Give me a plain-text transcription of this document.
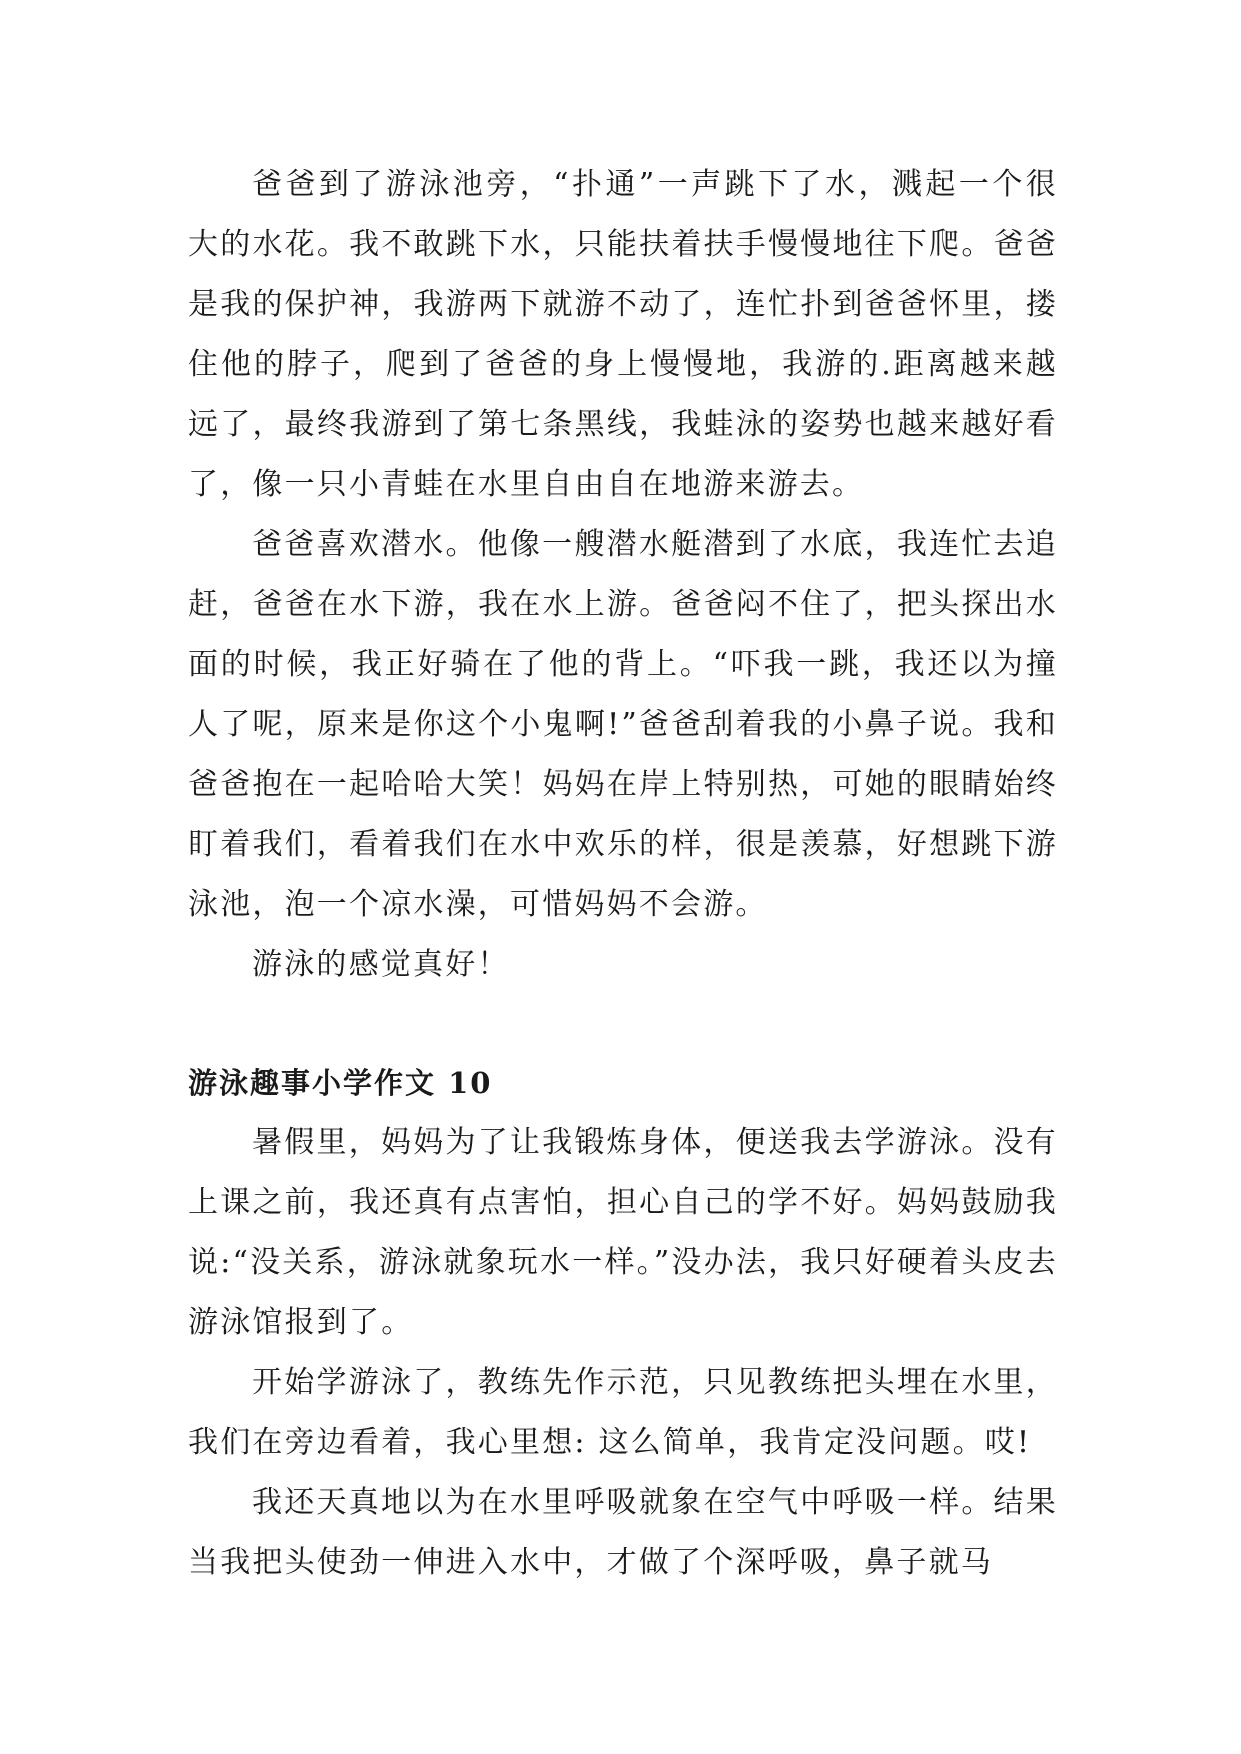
爸爸到了游泳池旁，“扑通”一声跳下了水，溅起一个很大的水花。我不敢跳下水，只能扶着扶手慢慢地往下爬。爸爸是我的保护神，我游两下就游不动了，连忙扑到爸爸怀里，搂住他的脖子，爬到了爸爸的身上慢慢地，我游的.距离越来越远了，最终我游到了第七条黑线，我蛙泳的姿势也越来越好看了，像一只小青蛙在水里自由自在地游来游去。

爸爸喜欢潜水。他像一艘潜水艇潜到了水底，我连忙去追赶，爸爸在水下游，我在水上游。爸爸闷不住了，把头探出水面的时候，我正好骑在了他的背上。“吓我一跳，我还以为撞人了呢，原来是你这个小鬼啊!”爸爸刮着我的小鼻子说。我和爸爸抱在一起哈哈大笑！妈妈在岸上特别热，可她的眼睛始终盯着我们，看着我们在水中欢乐的样，很是羡慕，好想跳下游泳池，泡一个凉水澡，可惜妈妈不会游。

游泳的感觉真好！

游泳趣事小学作文 10

暑假里，妈妈为了让我锻炼身体，便送我去学游泳。没有上课之前，我还真有点害怕，担心自己的学不好。妈妈鼓励我说:“没关系，游泳就象玩水一样。”没办法，我只好硬着头皮去游泳馆报到了。

开始学游泳了，教练先作示范，只见教练把头埋在水里，我们在旁边看着，我心里想: 这么简单，我肯定没问题。哎!

我还天真地以为在水里呼吸就象在空气中呼吸一样。结果当我把头使劲一伸进入水中，才做了个深呼吸，鼻子就马
